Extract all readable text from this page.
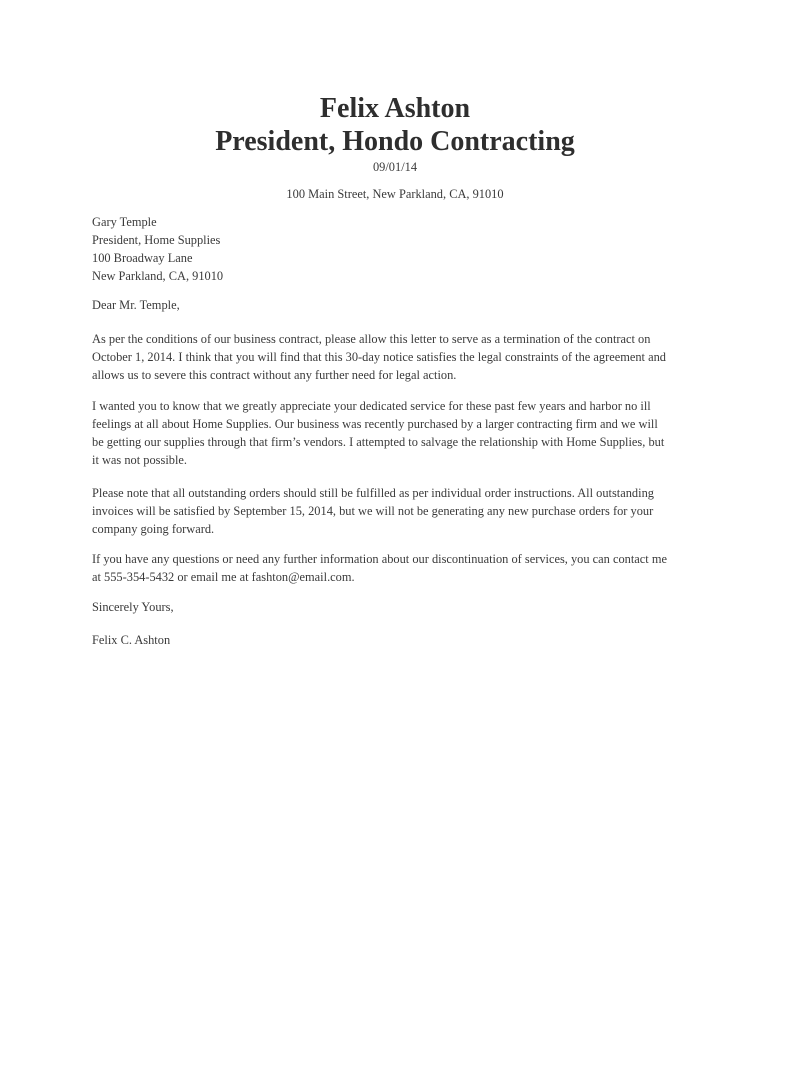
Felix Ashton
President, Hondo Contracting
09/01/14
100 Main Street, New Parkland, CA, 91010
Gary Temple
President, Home Supplies
100 Broadway Lane
New Parkland, CA, 91010
Dear Mr. Temple,
As per the conditions of our business contract, please allow this letter to serve as a termination of the contract on
October 1, 2014. I think that you will find that this 30-day notice satisfies the legal constraints of the agreement and
allows us to severe this contract without any further need for legal action.
I wanted you to know that we greatly appreciate your dedicated service for these past few years and harbor no ill
feelings at all about Home Supplies. Our business was recently purchased by a larger contracting firm and we will
be getting our supplies through that firm’s vendors. I attempted to salvage the relationship with Home Supplies, but
it was not possible.
Please note that all outstanding orders should still be fulfilled as per individual order instructions. All outstanding
invoices will be satisfied by September 15, 2014, but we will not be generating any new purchase orders for your
company going forward.
If you have any questions or need any further information about our discontinuation of services, you can contact me
at 555-354-5432 or email me at fashton@email.com.
Sincerely Yours,
Felix C. Ashton
